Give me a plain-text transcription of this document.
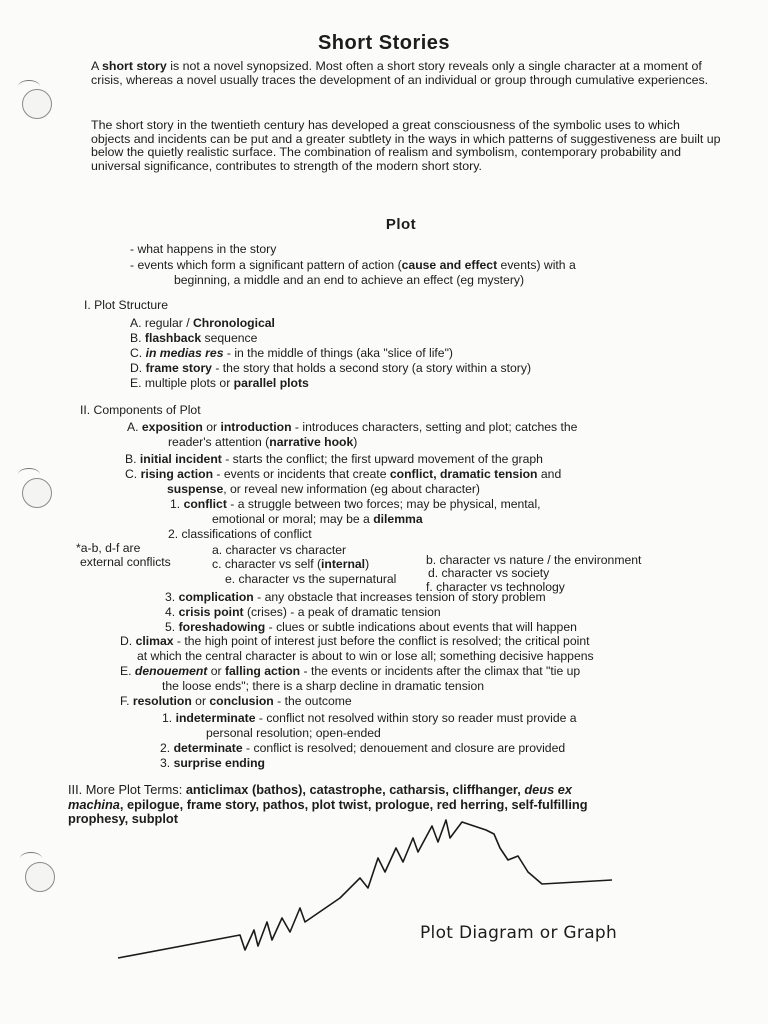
Short Stories
A short story is not a novel synopsized. Most often a short story reveals only a single character at a moment of crisis, whereas a novel usually traces the development of an individual or group through cumulative experiences.
The short story in the twentieth century has developed a great consciousness of the symbolic uses to which objects and incidents can be put and a greater subtlety in the ways in which patterns of suggestiveness are built up below the quietly realistic surface. The combination of realism and symbolism, contemporary probability and universal significance, contributes to strength of the modern short story.
Plot
- what happens in the story
- events which form a significant pattern of action (cause and effect events) with a
beginning, a middle and an end to achieve an effect (eg mystery)
I. Plot Structure
A. regular / Chronological
B. flashback sequence
C. in medias res - in the middle of things (aka "slice of life")
D. frame story - the story that holds a second story (a story within a story)
E. multiple plots or parallel plots
II. Components of Plot
A. exposition or introduction - introduces characters, setting and plot; catches the
reader's attention (narrative hook)
B. initial incident - starts the conflict; the first upward movement of the graph
C. rising action - events or incidents that create conflict, dramatic tension and
suspense, or reveal new information (eg about character)
1. conflict - a struggle between two forces; may be physical, mental,
emotional or moral; may be a dilemma
2. classifications of conflict
*a-b, d-f are
external conflicts
a. character vs character
b. character vs nature / the environment
c. character vs self (internal)
d. character vs society
e. character vs the supernatural
f. character vs technology
3. complication - any obstacle that increases tension of story problem
4. crisis point (crises) - a peak of dramatic tension
5. foreshadowing - clues or subtle indications about events that will happen
D. climax - the high point of interest just before the conflict is resolved; the critical point
at which the central character is about to win or lose all; something decisive happens
E. denouement or falling action - the events or incidents after the climax that "tie up
the loose ends"; there is a sharp decline in dramatic tension
F. resolution or conclusion - the outcome
1. indeterminate - conflict not resolved within story so reader must provide a
personal resolution; open-ended
2. determinate - conflict is resolved; denouement and closure are provided
3. surprise ending
III. More Plot Terms: anticlimax (bathos), catastrophe, catharsis, cliffhanger, deus ex
machina, epilogue, frame story, pathos, plot twist, prologue, red herring, self-fulfilling
prophesy, subplot
Plot Diagram or Graph
